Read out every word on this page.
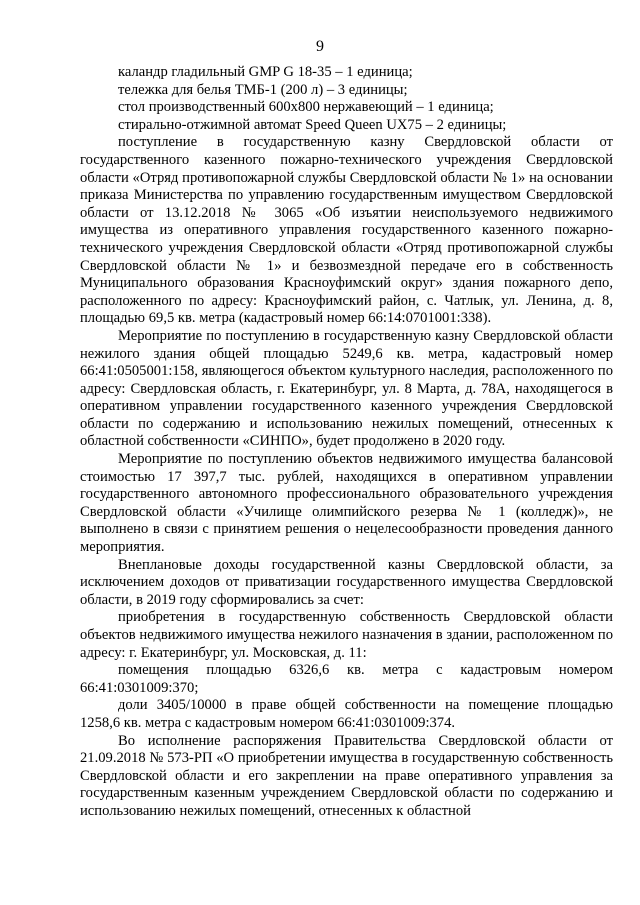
9

каландр гладильный GMP G 18-35 – 1 единица;

тележка для белья ТМБ-1 (200 л) – 3 единицы;

стол производственный 600х800 нержавеющий – 1 единица;

стирально-отжимной автомат Speed Queen UX75 – 2 единицы;

поступление в государственную казну Свердловской области от государственного казенного пожарно-технического учреждения Свердловской области «Отряд противопожарной службы Свердловской области № 1» на основании приказа Министерства по управлению государственным имуществом Свердловской области от 13.12.2018 № 3065 «Об изъятии неиспользуемого недвижимого имущества из оперативного управления государственного казенного пожарно-технического учреждения Свердловской области «Отряд противопожарной службы Свердловской области № 1» и безвозмездной передаче его в собственность Муниципального образования Красноуфимский округ» здания пожарного депо, расположенного по адресу: Красноуфимский район, с. Чатлык, ул. Ленина, д. 8, площадью 69,5 кв. метра (кадастровый номер 66:14:0701001:338).

Мероприятие по поступлению в государственную казну Свердловской области нежилого здания общей площадью 5249,6 кв. метра, кадастровый номер 66:41:0505001:158, являющегося объектом культурного наследия, расположенного по адресу: Свердловская область, г. Екатеринбург, ул. 8 Марта, д. 78А, находящегося в оперативном управлении государственного казенного учреждения Свердловской области по содержанию и использованию нежилых помещений, отнесенных к областной собственности «СИНПО», будет продолжено в 2020 году.

Мероприятие по поступлению объектов недвижимого имущества балансовой стоимостью 17 397,7 тыс. рублей, находящихся в оперативном управлении государственного автономного профессионального образовательного учреждения Свердловской области «Училище олимпийского резерва № 1 (колледж)», не выполнено в связи с принятием решения о нецелесообразности проведения данного мероприятия.

Внеплановые доходы государственной казны Свердловской области, за исключением доходов от приватизации государственного имущества Свердловской области, в 2019 году сформировались за счет:

приобретения в государственную собственность Свердловской области объектов недвижимого имущества нежилого назначения в здании, расположенном по адресу: г. Екатеринбург, ул. Московская, д. 11:

помещения площадью 6326,6 кв. метра с кадастровым номером 66:41:0301009:370;

доли 3405/10000 в праве общей собственности на помещение площадью 1258,6 кв. метра с кадастровым номером 66:41:0301009:374.

Во исполнение распоряжения Правительства Свердловской области от 21.09.2018 № 573-РП «О приобретении имущества в государственную собственность Свердловской области и его закреплении на праве оперативного управления за государственным казенным учреждением Свердловской области по содержанию и использованию нежилых помещений, отнесенных к областной
